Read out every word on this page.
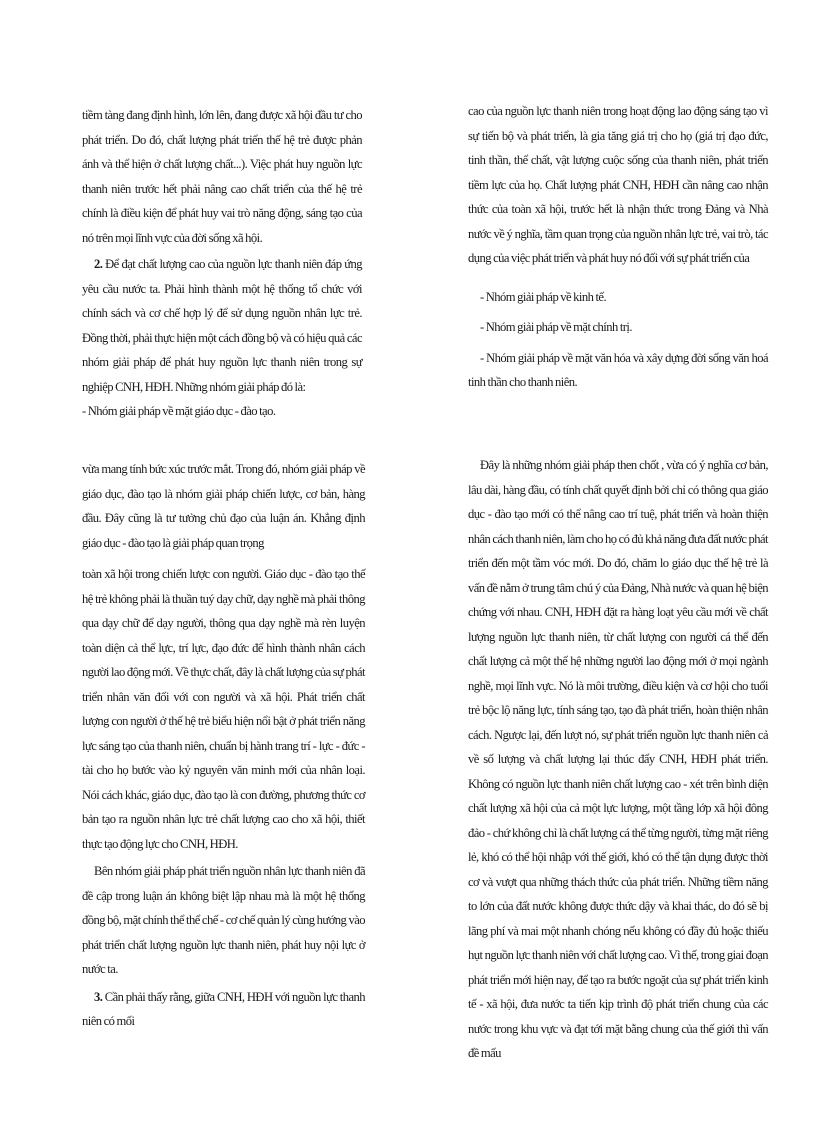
tiềm tàng đang định hình, lớn lên, đang được xã hội đầu tư cho phát triển. Do đó, chất lượng phát triển thế hệ trẻ được phản ánh và thể hiện ở chất lượng chất...). Việc phát huy nguồn lực thanh niên trước hết phải nâng cao chất triển của thế hệ trẻ chính là điều kiện để phát huy vai trò năng động, sáng tạo của nó trên mọi lĩnh vực của đời sống xã hội.

2. Để đạt chất lượng cao của nguồn lực thanh niên đáp ứng yêu cầu nước ta. Phải hình thành một hệ thống tổ chức với chính sách và cơ chế hợp lý để sử dụng nguồn nhân lực trẻ. Đồng thời, phải thực hiện một cách đồng bộ và có hiệu quả các nhóm giải pháp để phát huy nguồn lực thanh niên trong sự nghiệp CNH, HĐH. Những nhóm giải pháp đó là:

- Nhóm giải pháp về mặt giáo dục - đào tạo.

vừa mang tính bức xúc trước mắt. Trong đó, nhóm giải pháp về giáo dục, đào tạo là nhóm giải pháp chiến lược, cơ bản, hàng đầu. Đây cũng là tư tưởng chủ đạo của luận án. Khẳng định giáo dục - đào tạo là giải pháp quan trọng

toàn xã hội trong chiến lược con người. Giáo dục - đào tạo thế hệ trẻ không phải là thuần tuý dạy chữ, dạy nghề mà phải thông qua dạy chữ để dạy người, thông qua dạy nghề mà rèn luyện toàn diện cả thể lực, trí lực, đạo đức để hình thành nhân cách người lao động mới. Về thực chất, đây là chất lượng của sự phát triển nhân văn đối với con người và xã hội. Phát triển chất lượng con người ở thế hệ trẻ biểu hiện nổi bật ở phát triển năng lực sáng tạo của thanh niên, chuẩn bị hành trang trí - lực - đức - tài cho họ bước vào kỷ nguyên văn minh mới của nhân loại. Nói cách khác, giáo dục, đào tạo là con đường, phương thức cơ bản tạo ra nguồn nhân lực trẻ chất lượng cao cho xã hội, thiết thực tạo động lực cho CNH, HĐH.

Bên nhóm giải pháp phát triển nguồn nhân lực thanh niên đã đề cập trong luận án không biệt lập nhau mà là một hệ thống đồng bộ, mặt chính thể thể chế - cơ chế quản lý cùng hướng vào phát triển chất lượng nguồn lực thanh niên, phát huy nội lực ở nước ta.

3. Cần phải thấy rằng, giữa CNH, HĐH với nguồn lực thanh niên có mối

cao của nguồn lực thanh niên trong hoạt động lao động sáng tạo vì sự tiến bộ và phát triển, là gia tăng giá trị cho họ (giá trị đạo đức, tinh thần, thể chất, vật lượng cuộc sống của thanh niên, phát triển tiềm lực của họ. Chất lượng phát CNH, HĐH cần nâng cao nhận thức của toàn xã hội, trước hết là nhận thức trong Đảng và Nhà nước về ý nghĩa, tầm quan trọng của nguồn nhân lực trẻ, vai trò, tác dụng của việc phát triển và phát huy nó đối với sự phát triển của

- Nhóm giải pháp về kinh tế.

- Nhóm giải pháp về mặt chính trị.

- Nhóm giải pháp về mặt văn hóa và xây dựng đời sống văn hoá tinh thần cho thanh niên.

Đây là những nhóm giải pháp then chốt , vừa có ý nghĩa cơ bản, lâu dài, hàng đầu, có tính chất quyết định bởi chỉ có thông qua giáo dục - đào tạo mới có thể nâng cao trí tuệ, phát triển và hoàn thiện nhân cách thanh niên, làm cho họ có đủ khả năng đưa đất nước phát triển đến một tầm vóc mới. Do đó, chăm lo giáo dục thế hệ trẻ là vấn đề nằm ở trung tâm chú ý của Đảng, Nhà nước và quan hệ biện chứng với nhau. CNH, HĐH đặt ra hàng loạt yêu cầu mới về chất lượng nguồn lực thanh niên, từ chất lượng con người cá thể đến chất lượng cả một thế hệ những người lao động mới ở mọi ngành nghề, mọi lĩnh vực. Nó là môi trường, điều kiện và cơ hội cho tuổi trẻ bộc lộ năng lực, tính sáng tạo, tạo đà phát triển, hoàn thiện nhân cách. Ngược lại, đến lượt nó, sự phát triển nguồn lực thanh niên cả về số lượng và chất lượng lại thúc đẩy CNH, HĐH phát triển. Không có nguồn lực thanh niên chất lượng cao - xét trên bình diện chất lượng xã hội của cả một lực lượng, một tầng lớp xã hội đông đảo - chứ không chỉ là chất lượng cá thể từng người, từng mặt riêng lẻ, khó có thể hội nhập với thế giới, khó có thể tận dụng được thời cơ và vượt qua những thách thức của phát triển. Những tiềm năng to lớn của đất nước không được thức dậy và khai thác, do đó sẽ bị lãng phí và mai một nhanh chóng nếu không có đầy đủ hoặc thiếu hụt nguồn lực thanh niên với chất lượng cao. Vì thế, trong giai đoạn phát triển mới hiện nay, để tạo ra bước ngoặt của sự phát triển kinh tế - xã hội, đưa nước ta tiến kịp trình độ phát triển chung của các nước trong khu vực và đạt tới mặt bằng chung của thế giới thì vấn đề mấu
